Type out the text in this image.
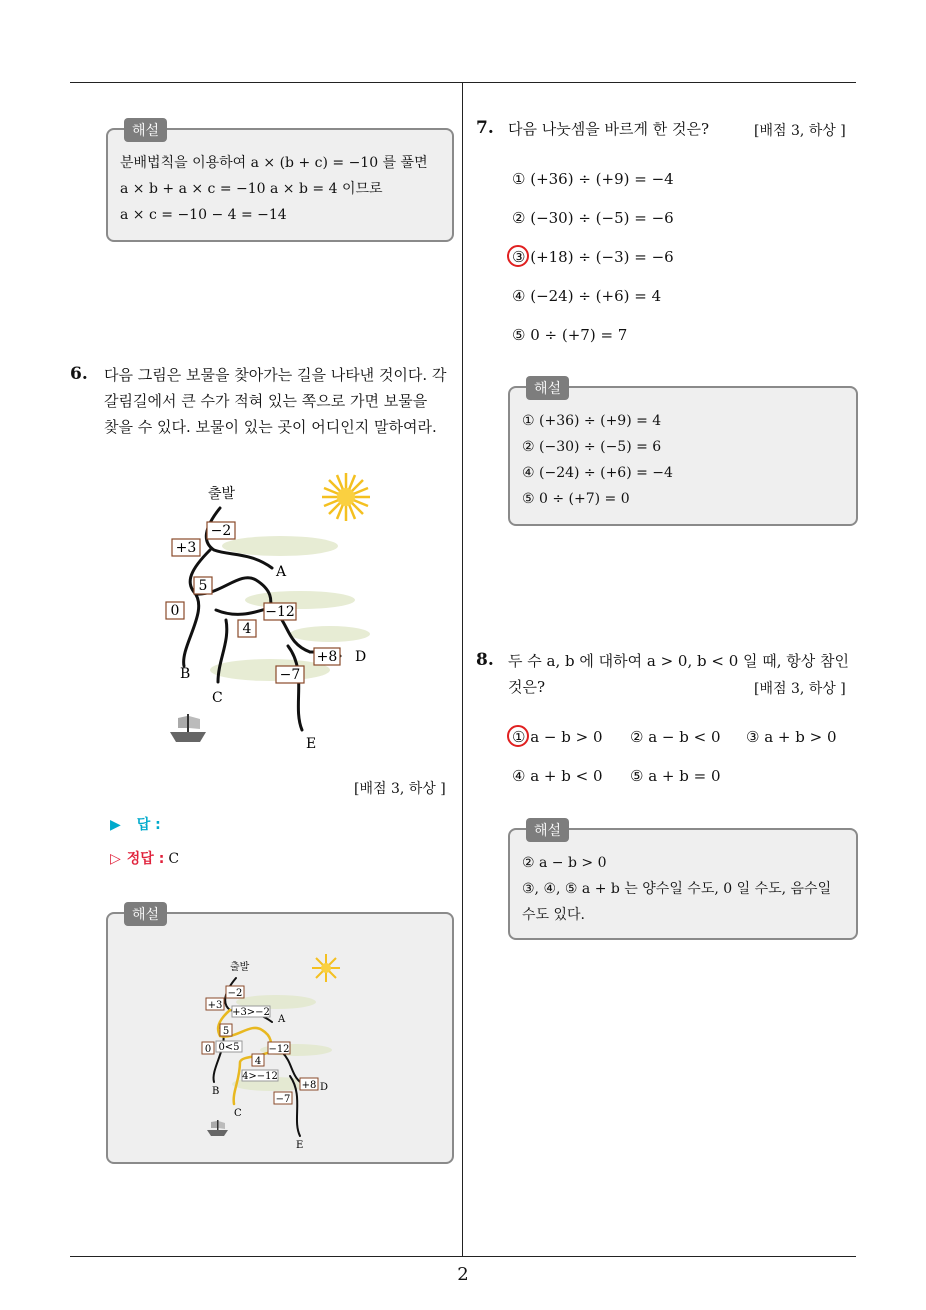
해설
분배법칙을 이용하여 a × (b + c) = −10 를 풀면
a × b + a × c = −10 a × b = 4 이므로
a × c = −10 − 4 = −14
6. 다음 그림은 보물을 찾아가는 길을 나타낸 것이다. 각
갈림길에서 큰 수가 적혀 있는 쪽으로 가면 보물을
찾을 수 있다. 보물이 있는 곳이 어디인지 말하여라.
−2
+3
5
0	−12
4
+8
−7
출발
A
B
C
D
E
[배점 3, 하상 ]
▶ 답 :
▷ 정답 : C
해설
−2
+3
5
0	−12
4
+8
−7
+3>−2
0<5
4>−12
출발
A
B
C
D
E
7. 다음 나눗셈을 바르게 한 것은?	[배점 3, 하상 ]
① (+36) ÷ (+9) = −4
② (−30) ÷ (−5) = −6
③ (+18) ÷ (−3) = −6
④ (−24) ÷ (+6) = 4
⑤ 0 ÷ (+7) = 7
해설
① (+36) ÷ (+9) = 4
② (−30) ÷ (−5) = 6
④ (−24) ÷ (+6) = −4
⑤ 0 ÷ (+7) = 0
8. 두 수 a, b 에 대하여 a > 0, b < 0 일 때, 항상 참인
것은?	[배점 3, 하상 ]
① a − b > 0 ② a − b < 0 ③ a + b > 0
④ a + b < 0 ⑤ a + b = 0
해설
② a − b > 0
③, ④, ⑤ a + b 는 양수일 수도, 0 일 수도, 음수일
수도 있다.
2
